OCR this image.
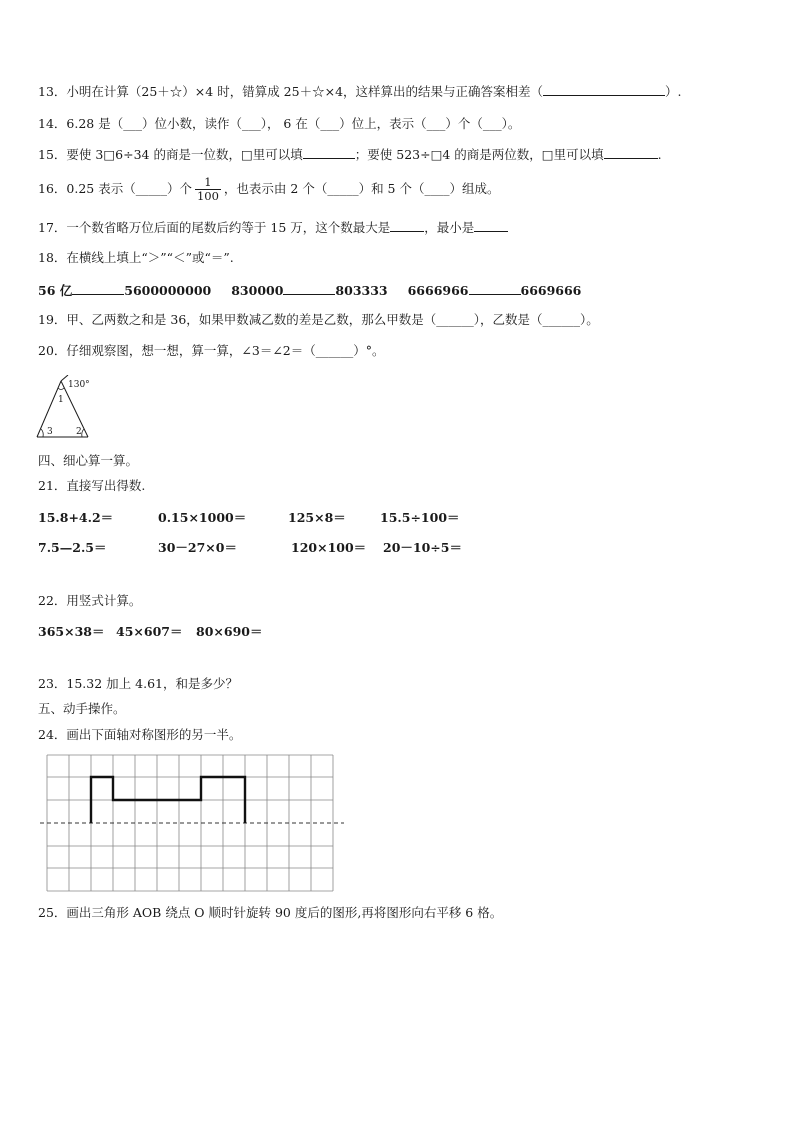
13．小明在计算（25＋☆）×4 时，错算成 25＋☆×4，这样算出的结果与正确答案相差（	）.
14．6.28 是（___）位小数，读作（___）， 6 在（___）位上，表示（___）个（___）。
15．要使 3□6÷34 的商是一位数，□里可以填	；要使 523÷□4 的商是两位数，□里可以填	.
16．0.25 表示（_____）个 $\frac{1}{100}$ ，也表示由 2 个（_____）和 5 个（____）组成。
17．一个数省略万位后面的尾数后约等于 15 万，这个数最大是	，最小是
18．在横线上填上“＞”“＜”或“＝”.
56 亿	5600000000 830000	803333 6666966	6669666
19．甲、乙两数之和是 36，如果甲数减乙数的差是乙数，那么甲数是（______），乙数是（______）。
20．仔细观察图，想一想，算一算，∠3＝∠2＝（______）°。
130°
1
2
3
四、细心算一算。
21．直接写出得数.
15.8+4.2＝	0.15×1000＝	125×8＝	15.5÷100＝
7.5—2.5＝	30－27×0＝	120×100＝ 20－10÷5＝
22．用竖式计算。
365×38＝ 45×607＝ 80×690＝
23．15.32 加上 4.61，和是多少？
五、动手操作。
24．画出下面轴对称图形的另一半。
25．画出三角形 AOB 绕点 O 顺时针旋转 90 度后的图形,再将图形向右平移 6 格。
